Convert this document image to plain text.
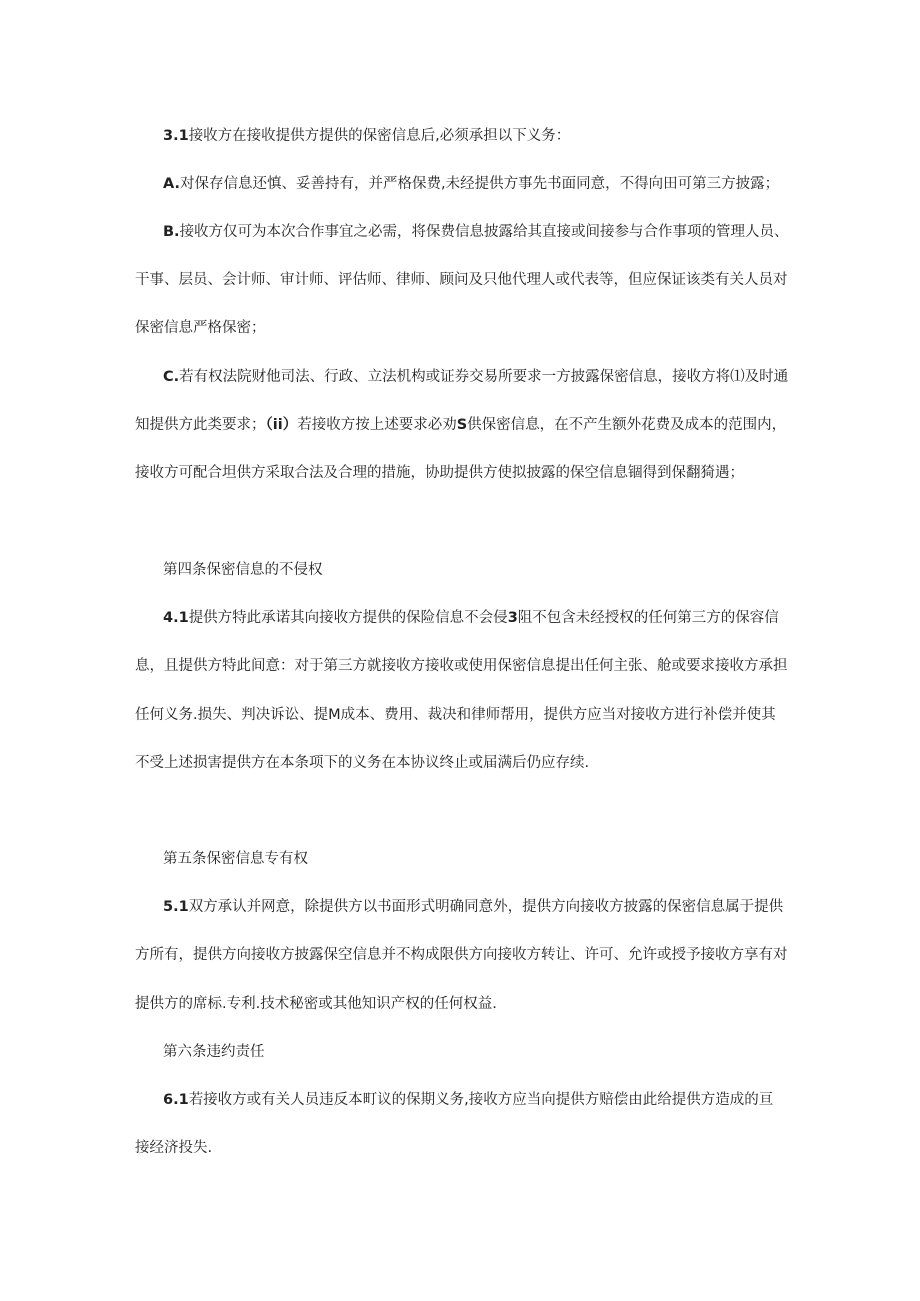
3.1接收方在接收提供方提供的保密信息后,必须承担以下义务：
A.对保存信息还慎、妥善持有，并严格保费,未经提供方事先书面同意，不得向田可第三方披露；
B.接收方仅可为本次合作事宜之必需，将保费信息披露给其直接或间接参与合作事项的管理人员、
干事、层员、会计师、审计师、评估师、律师、顾问及只他代理人或代表等，但应保证该类有关人员对
保密信息严格保密；
C.若有权法院财他司法、行政、立法机构或证券交易所要求一方披露保密信息，接收方将⑴及时通
知提供方此类要求；（ii）若接收方按上述要求必劝S供保密信息，在不产生额外花费及成本的范围内，
接收方可配合坦供方采取合法及合理的措施，协助提供方使拟披露的保空信息锢得到保翻猗遇；
第四条保密信息的不侵权
4.1提供方特此承诺其向接收方提供的保险信息不会侵3阻不包含未经授权的任何第三方的保容信
息，且提供方特此间意：对于第三方就接收方接收或使用保密信息提出任何主张、舱或要求接收方承担
任何义务.损失、判决诉讼、提M成本、费用、裁决和律师帮用，提供方应当对接收方进行补偿并使其
不受上述损害提供方在本条项下的义务在本协议终止或届满后仍应存续.
第五条保密信息专有权
5.1双方承认并网意，除提供方以书面形式明确同意外，提供方向接收方披露的保密信息属于提供
方所有，提供方向接收方披露保空信息并不构成限供方向接收方转让、许可、允许或授予接收方享有对
提供方的席标.专利.技术秘密或其他知识产权的任何权益.
第六条违约责任
6.1若接收方或有关人员违反本町议的保期义务,接收方应当向提供方赔偿由此给提供方造成的亘
接经济投失.
